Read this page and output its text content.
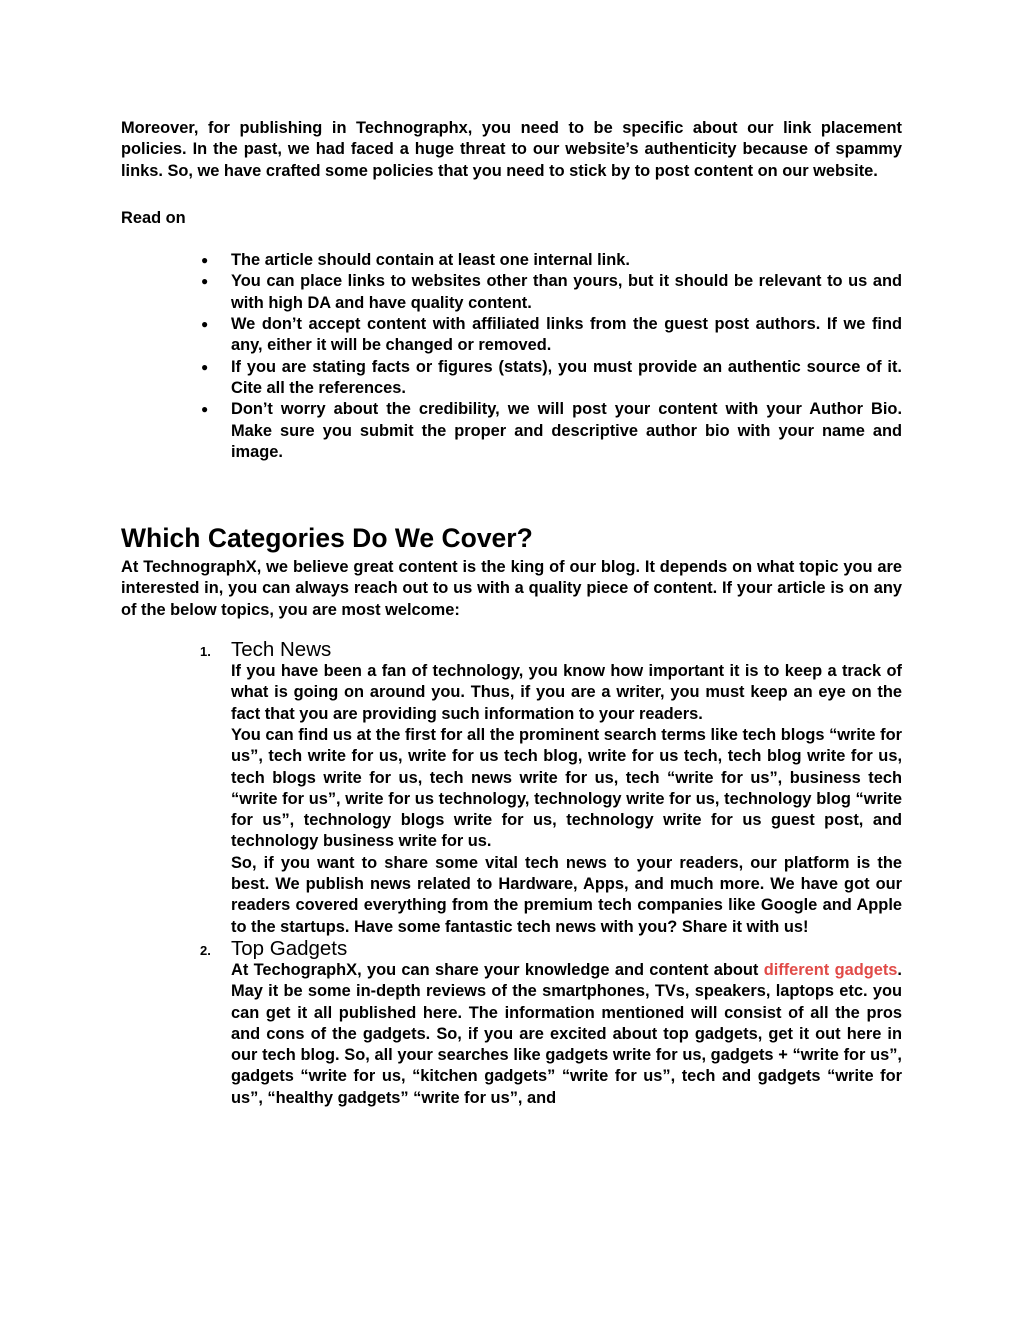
Moreover, for publishing in Technographx, you need to be specific about our link placement policies. In the past, we had faced a huge threat to our website’s authenticity because of spammy links. So, we have crafted some policies that you need to stick by to post content on our website.

Read on

● The article should contain at least one internal link.
● You can place links to websites other than yours, but it should be relevant to us and with high DA and have quality content.
● We don’t accept content with affiliated links from the guest post authors. If we find any, either it will be changed or removed.
● If you are stating facts or figures (stats), you must provide an authentic source of it. Cite all the references.
● Don’t worry about the credibility, we will post your content with your Author Bio. Make sure you submit the proper and descriptive author bio with your name and image.
Which Categories Do We Cover?

At TechnographX, we believe great content is the king of our blog. It depends on what topic you are interested in, you can always reach out to us with a quality piece of content. If your article is on any of the below topics, you are most welcome:

1. Tech News

If you have been a fan of technology, you know how important it is to keep a track of what is going on around you. Thus, if you are a writer, you must keep an eye on the fact that you are providing such information to your readers.

You can find us at the first for all the prominent search terms like tech blogs “write for us”, tech write for us, write for us tech blog, write for us tech, tech blog write for us, tech blogs write for us, tech news write for us, tech “write for us”, business tech “write for us”, write for us technology, technology write for us, technology blog “write for us”, technology blogs write for us, technology write for us guest post, and technology business write for us.

So, if you want to share some vital tech news to your readers, our platform is the best. We publish news related to Hardware, Apps, and much more. We have got our readers covered everything from the premium tech companies like Google and Apple to the startups. Have some fantastic tech news with you? Share it with us!

2. Top Gadgets

At TechographX, you can share your knowledge and content about different gadgets. May it be some in-depth reviews of the smartphones, TVs, speakers, laptops etc. you can get it all published here. The information mentioned will consist of all the pros and cons of the gadgets. So, if you are excited about top gadgets, get it out here in our tech blog. So, all your searches like gadgets write for us, gadgets + “write for us”, gadgets “write for us, “kitchen gadgets” “write for us”, tech and gadgets “write for us”, “healthy gadgets” “write for us”, and
